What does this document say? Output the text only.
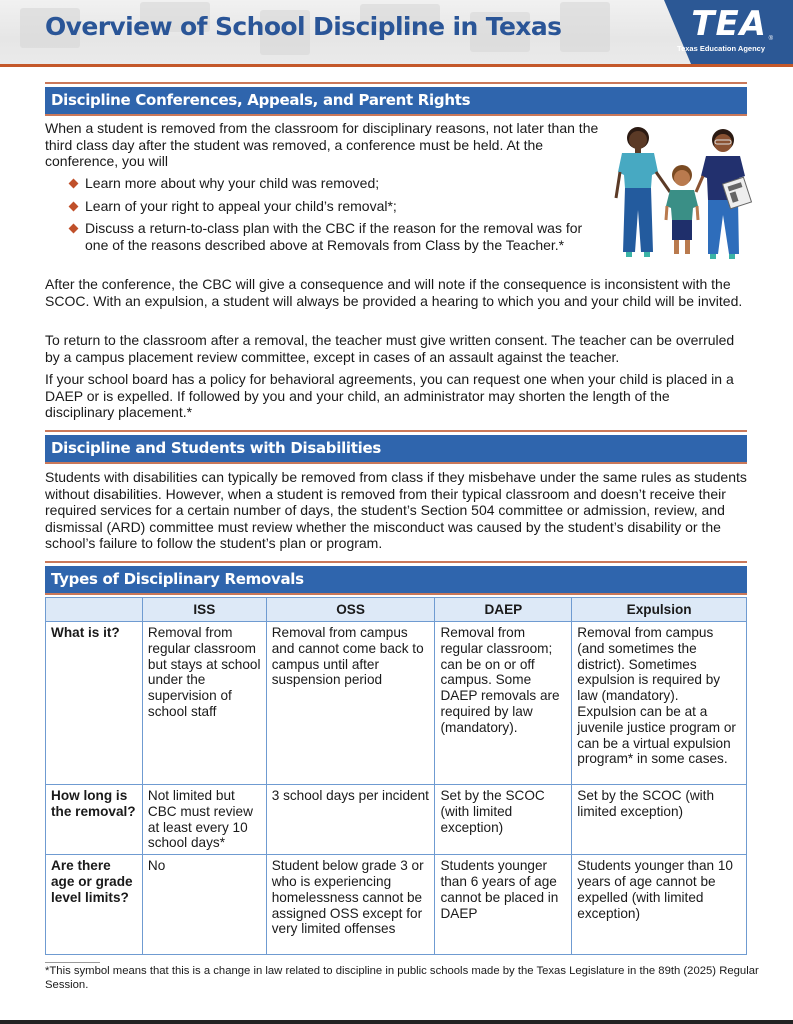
Overview of School Discipline in Texas	TEA ®
Texas Education Agency
Discipline Conferences, Appeals, and Parent Rights
When a student is removed from the classroom for disciplinary reasons, not later than the third class day after the student was removed, a conference must be held. At the conference, you will
Learn more about why your child was removed;
Learn of your right to appeal your child’s removal*;
Discuss a return-to-class plan with the CBC if the reason for the removal was for one of the reasons described above at Removals from Class by the Teacher.*
After the conference, the CBC will give a consequence and will note if the consequence is inconsistent with the SCOC. With an expulsion, a student will always be provided a hearing to which you and your child will be invited.
To return to the classroom after a removal, the teacher must give written consent. The teacher can be overruled by a campus placement review committee, except in cases of an assault against the teacher.
If your school board has a policy for behavioral agreements, you can request one when your child is placed in a DAEP or is expelled. If followed by you and your child, an administrator may shorten the length of the disciplinary placement.*
Discipline and Students with Disabilities
Students with disabilities can typically be removed from class if they misbehave under the same rules as students without disabilities. However, when a student is removed from their typical classroom and doesn’t receive their required services for a certain number of days, the student’s Section 504 committee or admission, review, and dismissal (ARD) committee must review whether the misconduct was caused by the student’s disability or the school’s failure to follow the student’s plan or program.
Types of Disciplinary Removals
	ISS	OSS	DAEP	Expulsion
What is it?	Removal from regular classroom but stays at school under the supervision of school staff	Removal from campus and cannot come back to campus until after suspension period	Removal from regular classroom; can be on or off campus. Some DAEP removals are required by law (mandatory).	Removal from campus (and sometimes the district). Sometimes expulsion is required by law (mandatory). Expulsion can be at a juvenile justice program or can be a virtual expulsion program* in some cases.
How long is the removal?	Not limited but CBC must review at least every 10 school days*	3 school days per incident	Set by the SCOC (with limited exception)	Set by the SCOC (with limited exception)
Are there age or grade level limits?	No	Student below grade 3 or who is experiencing homelessness cannot be assigned OSS except for very limited offenses	Students younger than 6 years of age cannot be placed in DAEP	Students younger than 10 years of age cannot be expelled (with limited exception)
*This symbol means that this is a change in law related to discipline in public schools made by the Texas Legislature in the 89th (2025) Regular Session.
